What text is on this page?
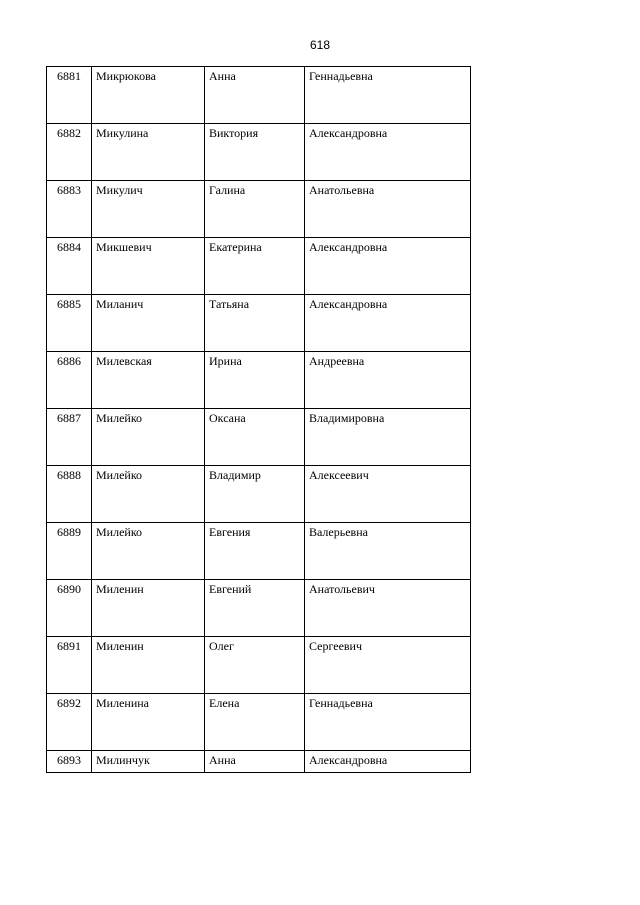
618
6881	Микрюкова	Анна	Геннадьевна
6882	Микулина	Виктория	Александровна
6883	Микулич	Галина	Анатольевна
6884	Микшевич	Екатерина	Александровна
6885	Миланич	Татьяна	Александровна
6886	Милевская	Ирина	Андреевна
6887	Милейко	Оксана	Владимировна
6888	Милейко	Владимир	Алексеевич
6889	Милейко	Евгения	Валерьевна
6890	Миленин	Евгений	Анатольевич
6891	Миленин	Олег	Сергеевич
6892	Миленина	Елена	Геннадьевна
6893	Милинчук	Анна	Александровна
